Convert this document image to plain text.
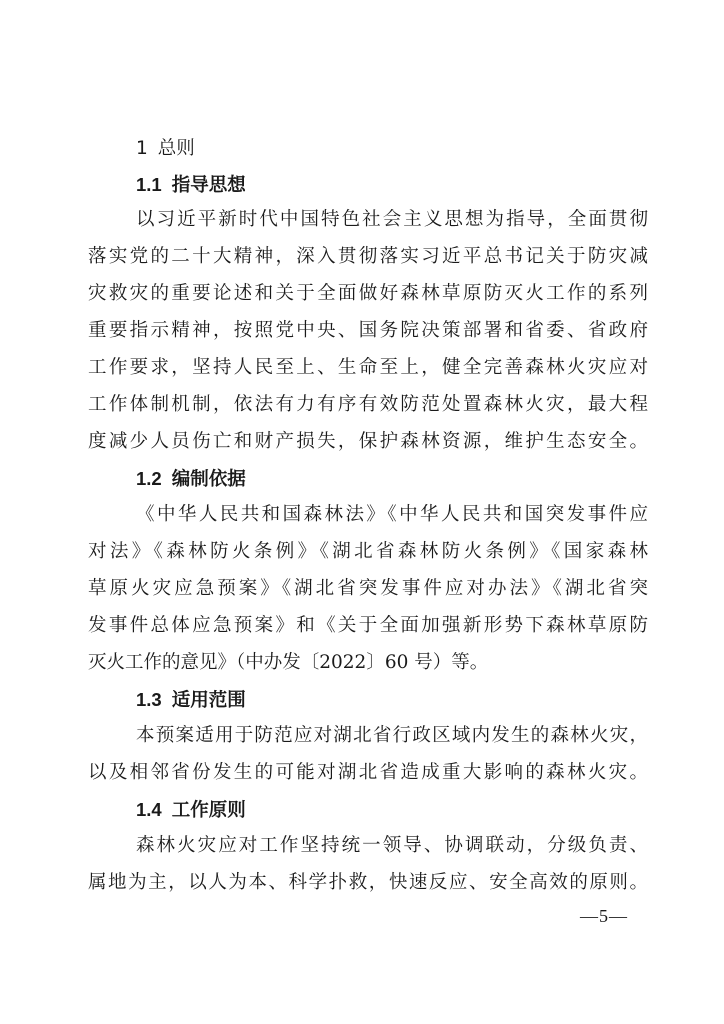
1 总则
1.1 指导思想
以习近平新时代中国特色社会主义思想为指导，全面贯彻
落实党的二十大精神，深入贯彻落实习近平总书记关于防灾减
灾救灾的重要论述和关于全面做好森林草原防灭火工作的系列
重要指示精神，按照党中央、国务院决策部署和省委、省政府
工作要求，坚持人民至上、生命至上，健全完善森林火灾应对
工作体制机制，依法有力有序有效防范处置森林火灾，最大程
度减少人员伤亡和财产损失，保护森林资源，维护生态安全。
1.2 编制依据
《中华人民共和国森林法》《中华人民共和国突发事件应
对法》《森林防火条例》《湖北省森林防火条例》《国家森林
草原火灾应急预案》《湖北省突发事件应对办法》《湖北省突
发事件总体应急预案》和《关于全面加强新形势下森林草原防
灭火工作的意见》（中办发〔2022〕60 号）等。
1.3 适用范围
本预案适用于防范应对湖北省行政区域内发生的森林火灾，
以及相邻省份发生的可能对湖北省造成重大影响的森林火灾。
1.4 工作原则
森林火灾应对工作坚持统一领导、协调联动，分级负责、
属地为主，以人为本、科学扑救，快速反应、安全高效的原则。
—5—
